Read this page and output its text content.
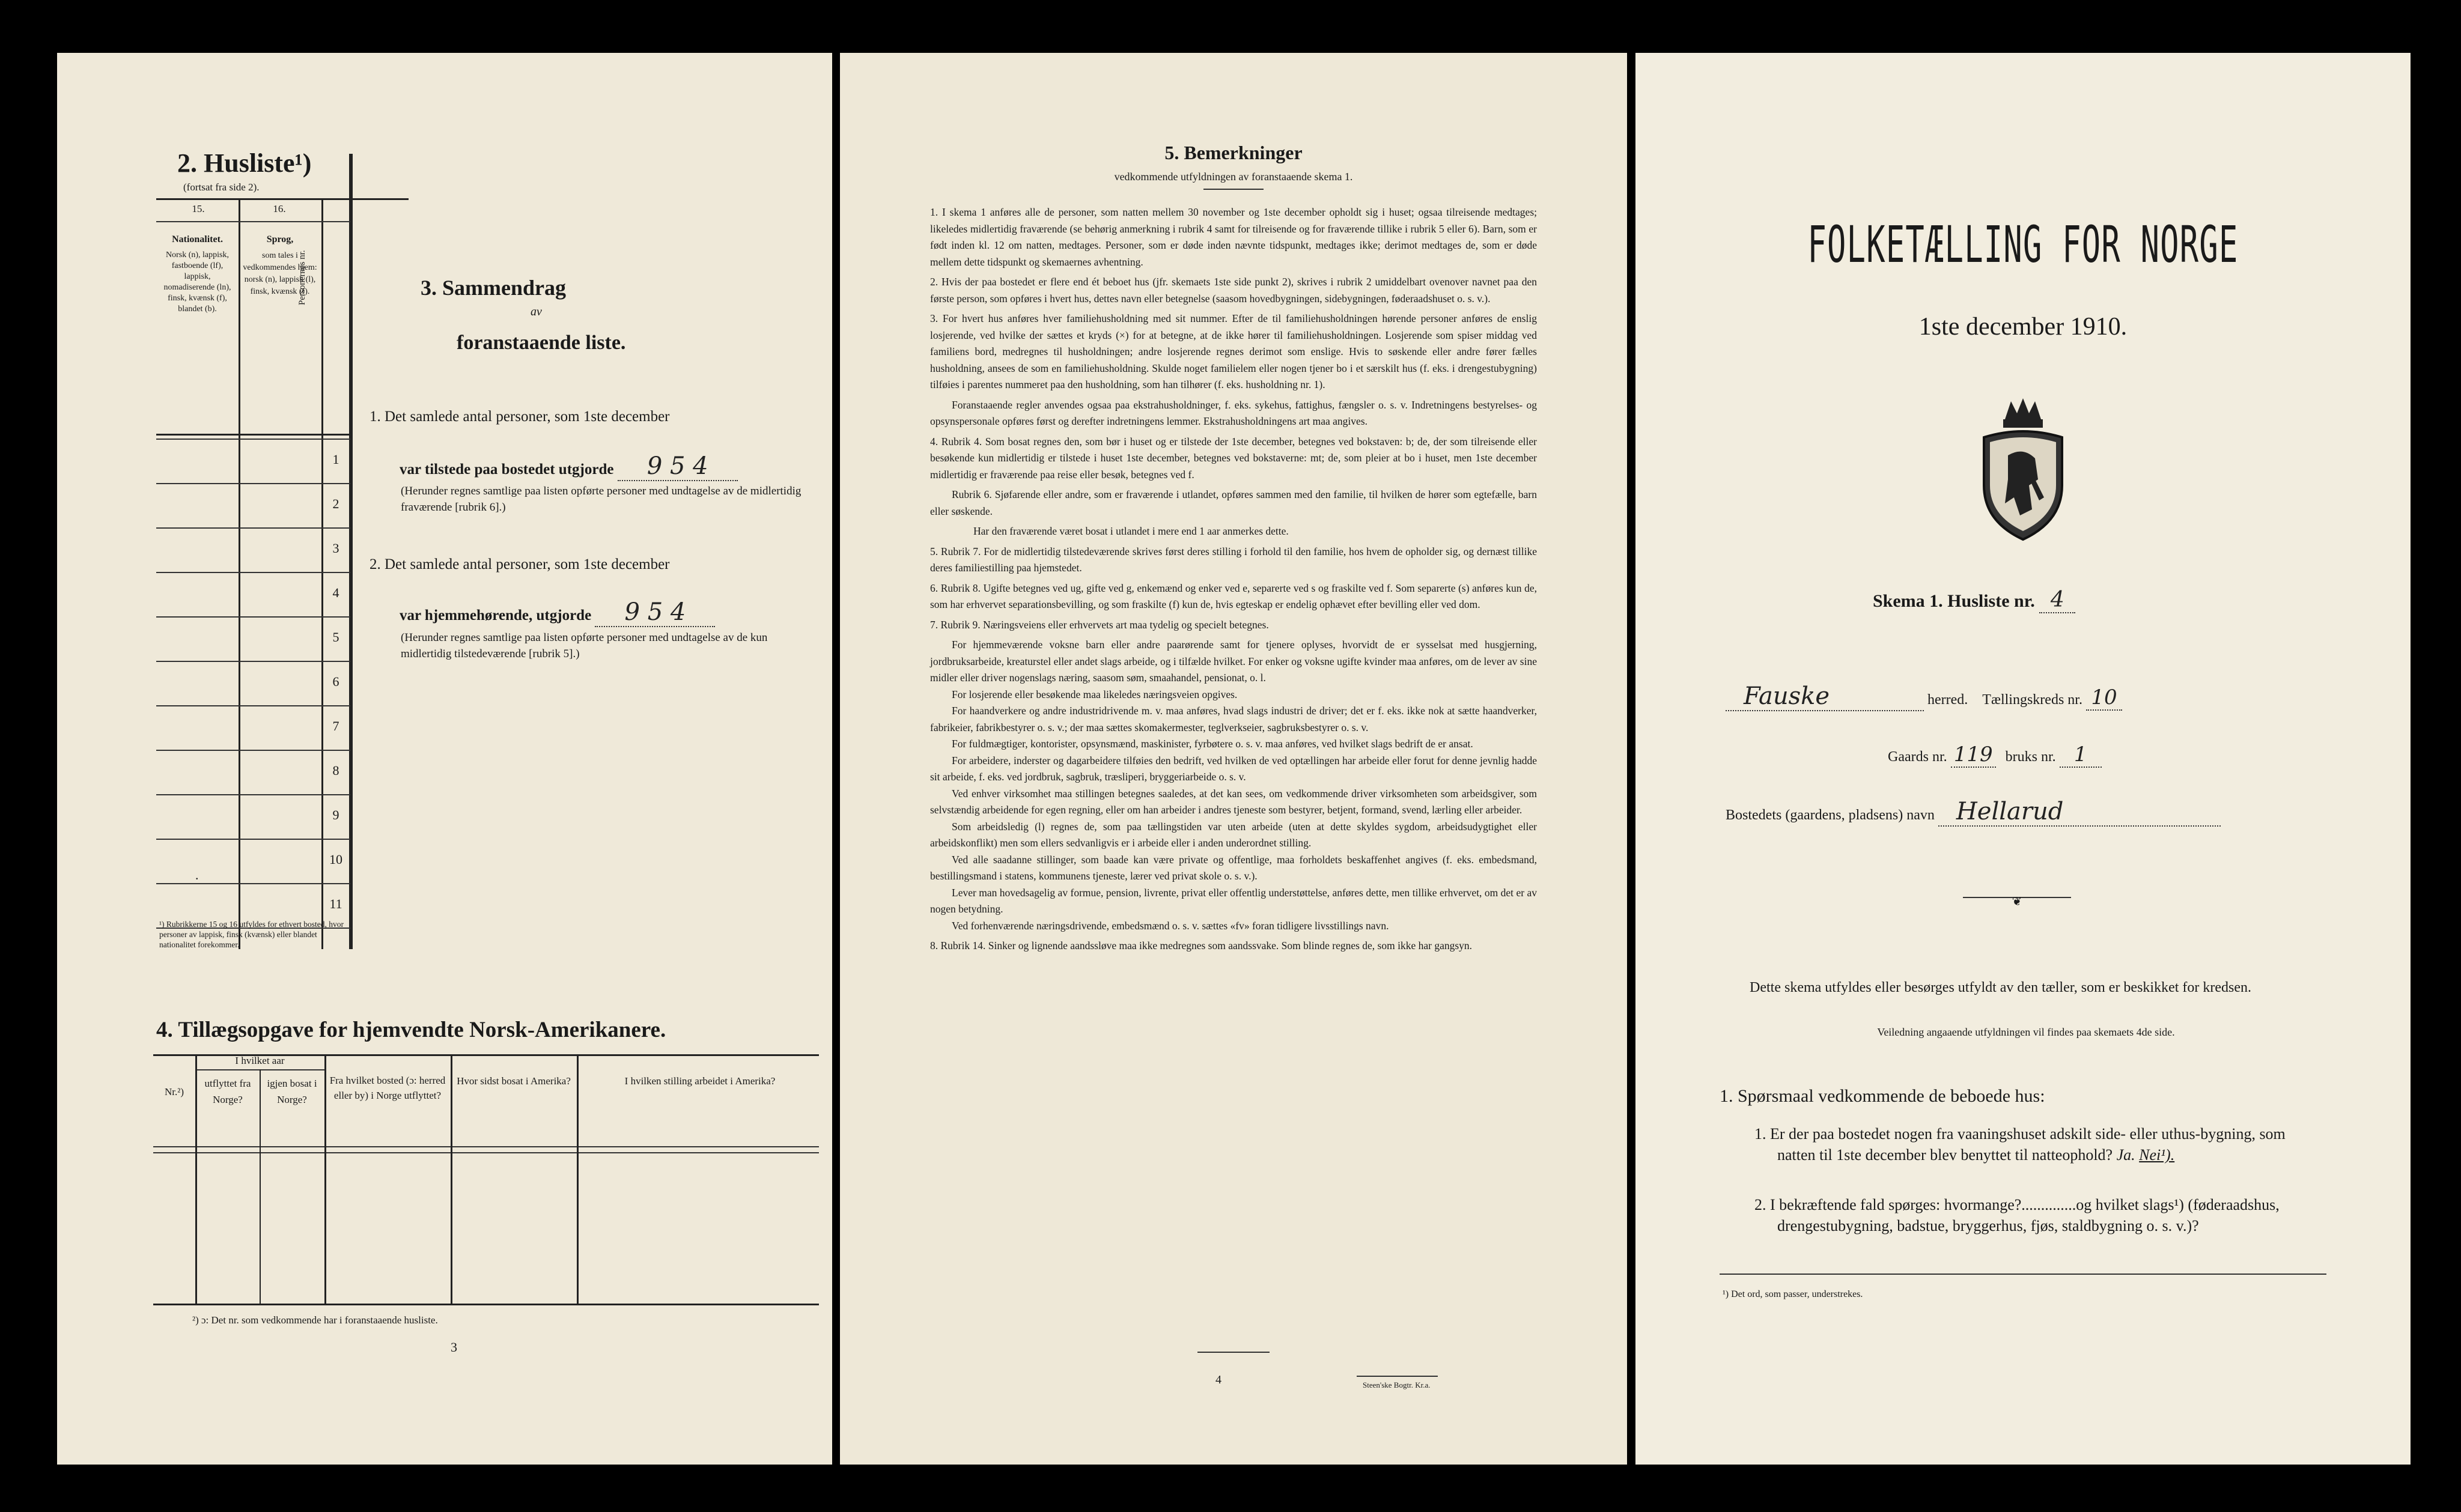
2. Husliste¹)
(fortsat fra side 2).
15.	16.
Nationalitet.
Norsk (n), lappisk, fastboende (lf), lappisk, nomadiserende (ln), finsk, kvænsk (f), blandet (b).
Sprog,
som tales i vedkommendes hjem: norsk (n), lappisk (l), finsk, kvænsk (f).
Personernes nr.
1
2
3
4
5
6
7
8
9
10
11
.
¹) Rubrikkerne 15 og 16 utfyldes for ethvert bosted, hvor personer av lappisk, finsk (kvænsk) eller blandet nationalitet forekommer.
3. Sammendrag
av
foranstaaende liste.
1. Det samlede antal personer, som 1ste december
var tilstede paa bostedet utgjorde 9 5 4
(Herunder regnes samtlige paa listen opførte personer med undtagelse av de midlertidig fraværende [rubrik 6].)
2. Det samlede antal personer, som 1ste december
var hjemmehørende, utgjorde 9 5 4
(Herunder regnes samtlige paa listen opførte personer med undtagelse av de kun midlertidig tilstedeværende [rubrik 5].)
4. Tillægsopgave for hjemvendte Norsk-Amerikanere.
Nr.²)
I hvilket aar
utflyttet fra Norge?
igjen bosat i Norge?
Fra hvilket bosted (ɔ: herred eller by) i Norge utflyttet?
Hvor sidst bosat i Amerika?	I hvilken stilling arbeidet i Amerika?
²) ɔ: Det nr. som vedkommende har i foranstaaende husliste.
3
5. Bemerkninger
vedkommende utfyldningen av foranstaaende skema 1.
1. I skema 1 anføres alle de personer, som natten mellem 30 november og 1ste december opholdt sig i huset; ogsaa tilreisende medtages; likeledes midlertidig fraværende (se behørig anmerkning i rubrik 4 samt for tilreisende og for fraværende tillike i rubrik 5 eller 6). Barn, som er født inden kl. 12 om natten, medtages. Personer, som er døde inden nævnte tidspunkt, medtages ikke; derimot medtages de, som er døde mellem dette tidspunkt og skemaernes avhentning.
2. Hvis der paa bostedet er flere end ét beboet hus (jfr. skemaets 1ste side punkt 2), skrives i rubrik 2 umiddelbart ovenover navnet paa den første person, som opføres i hvert hus, dettes navn eller betegnelse (saasom hovedbygningen, sidebygningen, føderaadshuset o. s. v.).
3. For hvert hus anføres hver familiehusholdning med sit nummer. Efter de til familiehusholdningen hørende personer anføres de enslig losjerende, ved hvilke der sættes et kryds (×) for at betegne, at de ikke hører til familiehusholdningen. Losjerende som spiser middag ved familiens bord, medregnes til husholdningen; andre losjerende regnes derimot som enslige. Hvis to søskende eller andre fører fælles husholdning, ansees de som en familiehusholdning. Skulde noget familielem eller nogen tjener bo i et særskilt hus (f. eks. i drengestubygning) tilføies i parentes nummeret paa den husholdning, som han tilhører (f. eks. husholdning nr. 1).
Foranstaaende regler anvendes ogsaa paa ekstrahusholdninger, f. eks. sykehus, fattighus, fængsler o. s. v. Indretningens bestyrelses- og opsynspersonale opføres først og derefter indretningens lemmer. Ekstrahusholdningens art maa angives.
4. Rubrik 4. Som bosat regnes den, som bør i huset og er tilstede der 1ste december, betegnes ved bokstaven: b; de, der som tilreisende eller besøkende kun midlertidig er tilstede i huset 1ste december, betegnes ved bokstaverne: mt; de, som pleier at bo i huset, men 1ste december midlertidig er fraværende paa reise eller besøk, betegnes ved f.
Rubrik 6. Sjøfarende eller andre, som er fraværende i utlandet, opføres sammen med den familie, til hvilken de hører som egtefælle, barn eller søskende.
Har den fraværende været bosat i utlandet i mere end 1 aar anmerkes dette.
5. Rubrik 7. For de midlertidig tilstedeværende skrives først deres stilling i forhold til den familie, hos hvem de opholder sig, og dernæst tillike deres familiestilling paa hjemstedet.
6. Rubrik 8. Ugifte betegnes ved ug, gifte ved g, enkemænd og enker ved e, separerte ved s og fraskilte ved f. Som separerte (s) anføres kun de, som har erhvervet separationsbevilling, og som fraskilte (f) kun de, hvis egteskap er endelig ophævet efter bevilling eller ved dom.
7. Rubrik 9. Næringsveiens eller erhvervets art maa tydelig og specielt betegnes.
For hjemmeværende voksne barn eller andre paarørende samt for tjenere oplyses, hvorvidt de er sysselsat med husgjerning, jordbruksarbeide, kreaturstel eller andet slags arbeide, og i tilfælde hvilket. For enker og voksne ugifte kvinder maa anføres, om de lever av sine midler eller driver nogenslags næring, saasom søm, smaahandel, pensionat, o. l.
For losjerende eller besøkende maa likeledes næringsveien opgives.
For haandverkere og andre industridrivende m. v. maa anføres, hvad slags industri de driver; det er f. eks. ikke nok at sætte haandverker, fabrikeier, fabrikbestyrer o. s. v.; der maa sættes skomakermester, teglverkseier, sagbruksbestyrer o. s. v.
For fuldmægtiger, kontorister, opsynsmænd, maskinister, fyrbøtere o. s. v. maa anføres, ved hvilket slags bedrift de er ansat.
For arbeidere, inderster og dagarbeidere tilføies den bedrift, ved hvilken de ved optællingen har arbeide eller forut for denne jevnlig hadde sit arbeide, f. eks. ved jordbruk, sagbruk, træsliperi, bryggeriarbeide o. s. v.
Ved enhver virksomhet maa stillingen betegnes saaledes, at det kan sees, om vedkommende driver virksomheten som arbeidsgiver, som selvstændig arbeidende for egen regning, eller om han arbeider i andres tjeneste som bestyrer, betjent, formand, svend, lærling eller arbeider.
Som arbeidsledig (l) regnes de, som paa tællingstiden var uten arbeide (uten at dette skyldes sygdom, arbeidsudygtighet eller arbeidskonflikt) men som ellers sedvanligvis er i arbeide eller i anden underordnet stilling.
Ved alle saadanne stillinger, som baade kan være private og offentlige, maa forholdets beskaffenhet angives (f. eks. embedsmand, bestillingsmand i statens, kommunens tjeneste, lærer ved privat skole o. s. v.).
Lever man hovedsagelig av formue, pension, livrente, privat eller offentlig understøttelse, anføres dette, men tillike erhvervet, om det er av nogen betydning.
Ved forhenværende næringsdrivende, embedsmænd o. s. v. sættes «fv» foran tidligere livsstillings navn.
8. Rubrik 14. Sinker og lignende aandssløve maa ikke medregnes som aandssvake. Som blinde regnes de, som ikke har gangsyn.
4	Steen'ske Bogtr. Kr.a.
FOLKETÆLLING FOR NORGE
1ste december 1910.
Skema 1. Husliste nr. 4
Fauske	herred. Tællingskreds nr. 10
Gaards nr. 119 bruks nr. 1
Bostedets (gaardens, pladsens) navn Hellarud
❦
Dette skema utfyldes eller besørges utfyldt av den tæller, som er beskikket for kredsen.
Veiledning angaaende utfyldningen vil findes paa skemaets 4de side.
1. Spørsmaal vedkommende de beboede hus:
1. Er der paa bostedet nogen fra vaaningshuset adskilt side- eller uthus-bygning, som natten til 1ste december blev benyttet til natteophold? Ja. Nei¹).
2. I bekræftende fald spørges: hvormange?..............og hvilket slags¹) (føderaadshus, drengestubygning, badstue, bryggerhus, fjøs, staldbygning o. s. v.)?
¹) Det ord, som passer, understrekes.
